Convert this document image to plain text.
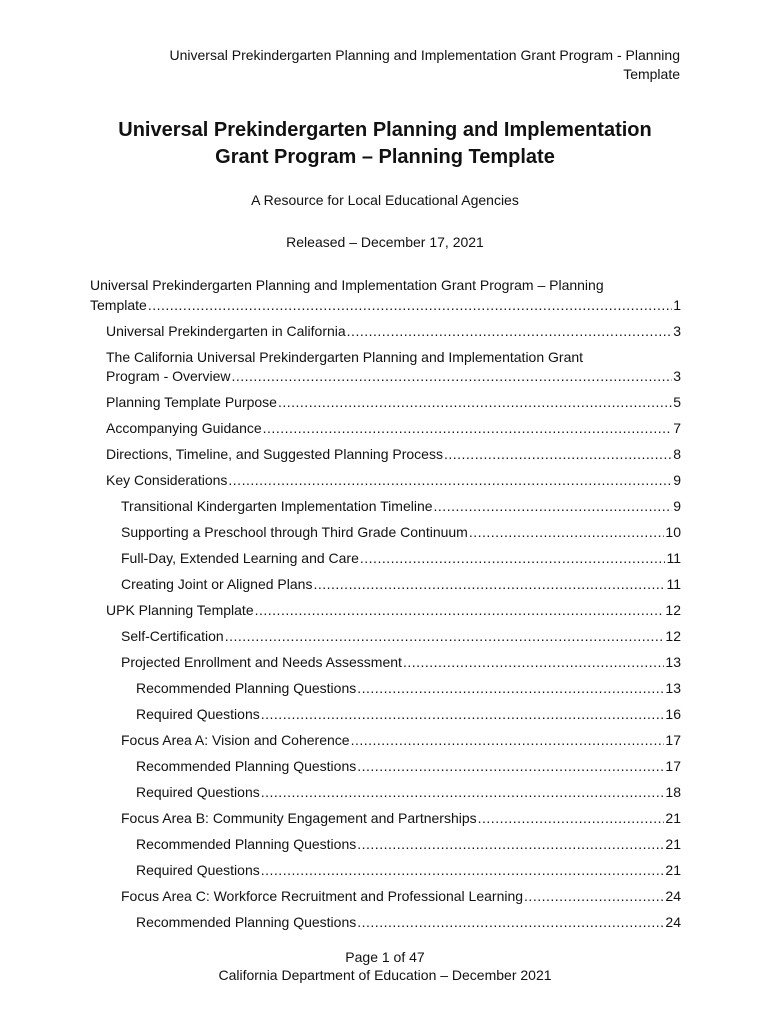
Universal Prekindergarten Planning and Implementation Grant Program - Planning
Template
Universal Prekindergarten Planning and Implementation
Grant Program – Planning Template
A Resource for Local Educational Agencies
Released – December 17, 2021
Universal Prekindergarten Planning and Implementation Grant Program – Planning
Template .....	1
Universal Prekindergarten in California .....	3
The California Universal Prekindergarten Planning and Implementation Grant
Program - Overview .....	3
Planning Template Purpose .....	5
Accompanying Guidance .....	7
Directions, Timeline, and Suggested Planning Process .....	8
Key Considerations .....	9
Transitional Kindergarten Implementation Timeline .....	9
Supporting a Preschool through Third Grade Continuum .....	10
Full-Day, Extended Learning and Care .....	11
Creating Joint or Aligned Plans .....	11
UPK Planning Template .....	12
Self-Certification .....	12
Projected Enrollment and Needs Assessment .....	13
Recommended Planning Questions .....	13
Required Questions .....	16
Focus Area A: Vision and Coherence .....	17
Recommended Planning Questions .....	17
Required Questions .....	18
Focus Area B: Community Engagement and Partnerships .....	21
Recommended Planning Questions .....	21
Required Questions .....	21
Focus Area C: Workforce Recruitment and Professional Learning .....	24
Recommended Planning Questions .....	24
Page 1 of 47
California Department of Education – December 2021
